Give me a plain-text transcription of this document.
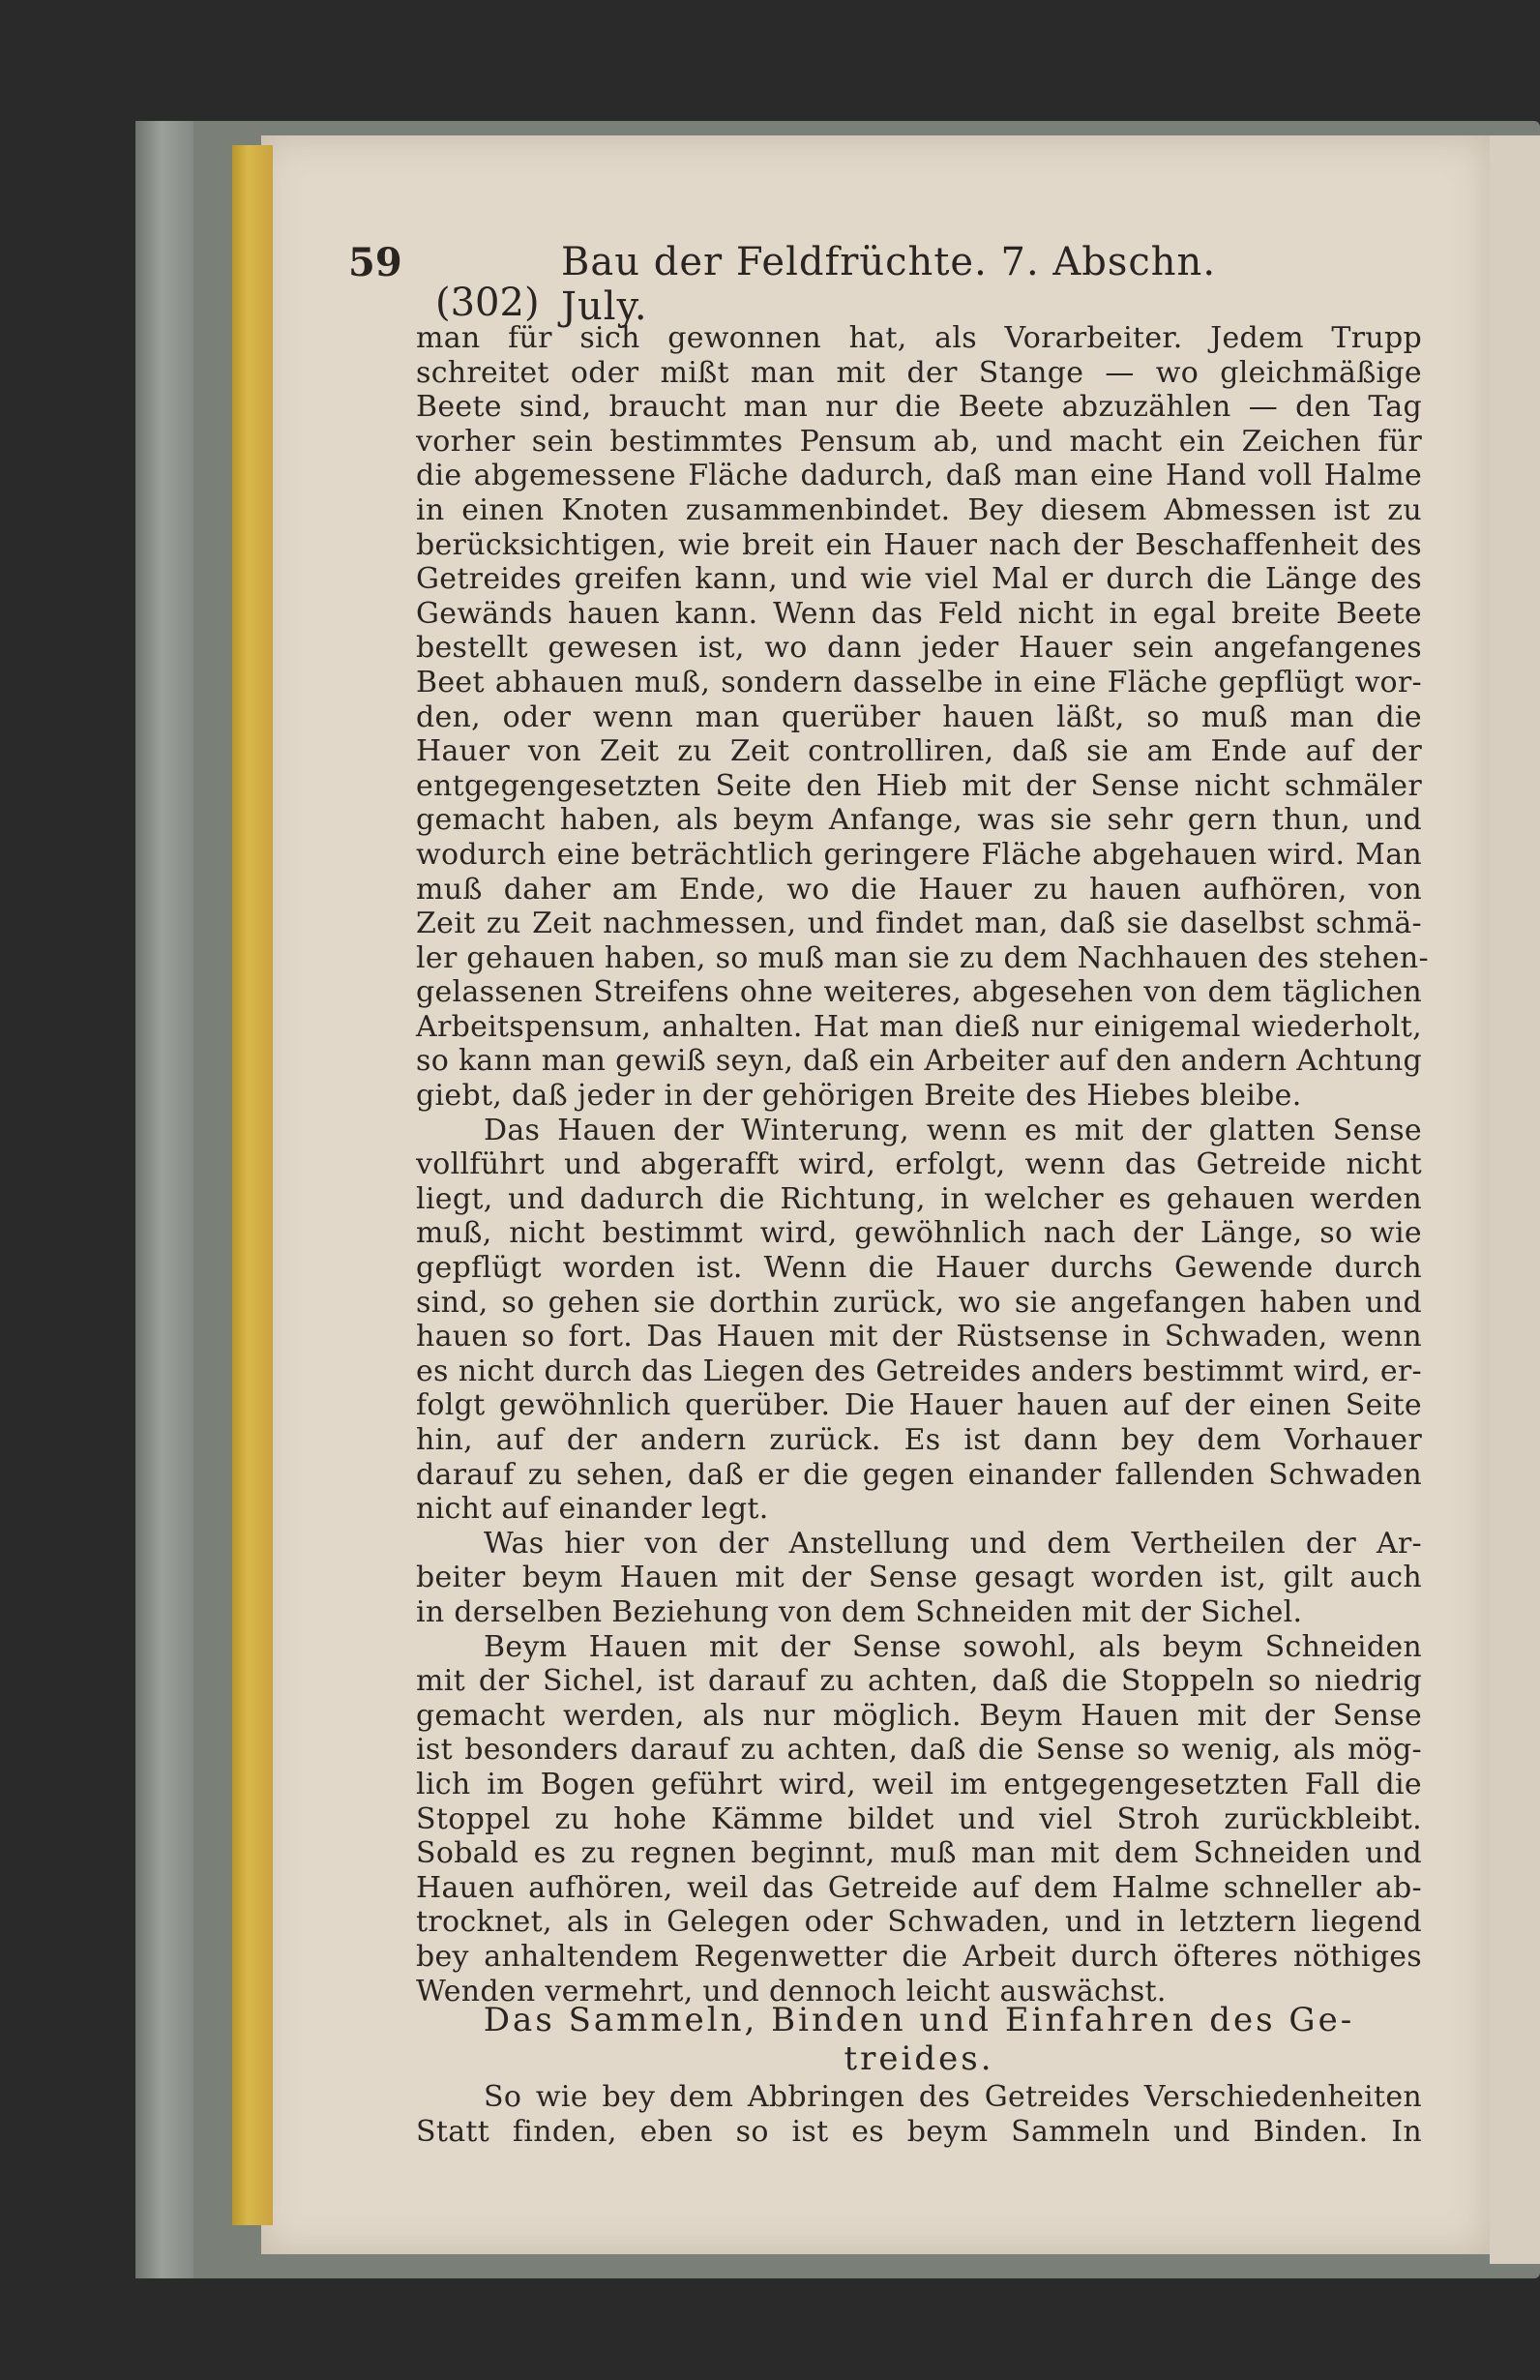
59	Bau der Feldfrüchte. 7. Abschn. July.
(302)
man für sich gewonnen hat, als Vorarbeiter. Jedem Trupp
schreitet oder mißt man mit der Stange — wo gleichmäßige
Beete sind, braucht man nur die Beete abzuzählen — den Tag
vorher sein bestimmtes Pensum ab, und macht ein Zeichen für
die abgemessene Fläche dadurch, daß man eine Hand voll Halme
in einen Knoten zusammenbindet. Bey diesem Abmessen ist zu
berücksichtigen, wie breit ein Hauer nach der Beschaffenheit des
Getreides greifen kann, und wie viel Mal er durch die Länge des
Gewänds hauen kann. Wenn das Feld nicht in egal breite Beete
bestellt gewesen ist, wo dann jeder Hauer sein angefangenes
Beet abhauen muß, sondern dasselbe in eine Fläche gepflügt wor-
den, oder wenn man querüber hauen läßt, so muß man die
Hauer von Zeit zu Zeit controlliren, daß sie am Ende auf der
entgegengesetzten Seite den Hieb mit der Sense nicht schmäler
gemacht haben, als beym Anfange, was sie sehr gern thun, und
wodurch eine beträchtlich geringere Fläche abgehauen wird. Man
muß daher am Ende, wo die Hauer zu hauen aufhören, von
Zeit zu Zeit nachmessen, und findet man, daß sie daselbst schmä-
ler gehauen haben, so muß man sie zu dem Nachhauen des stehen-
gelassenen Streifens ohne weiteres, abgesehen von dem täglichen
Arbeitspensum, anhalten. Hat man dieß nur einigemal wiederholt,
so kann man gewiß seyn, daß ein Arbeiter auf den andern Achtung
giebt, daß jeder in der gehörigen Breite des Hiebes bleibe.
Das Hauen der Winterung, wenn es mit der glatten Sense
vollführt und abgerafft wird, erfolgt, wenn das Getreide nicht
liegt, und dadurch die Richtung, in welcher es gehauen werden
muß, nicht bestimmt wird, gewöhnlich nach der Länge, so wie
gepflügt worden ist. Wenn die Hauer durchs Gewende durch
sind, so gehen sie dorthin zurück, wo sie angefangen haben und
hauen so fort. Das Hauen mit der Rüstsense in Schwaden, wenn
es nicht durch das Liegen des Getreides anders bestimmt wird, er-
folgt gewöhnlich querüber. Die Hauer hauen auf der einen Seite
hin, auf der andern zurück. Es ist dann bey dem Vorhauer
darauf zu sehen, daß er die gegen einander fallenden Schwaden
nicht auf einander legt.
Was hier von der Anstellung und dem Vertheilen der Ar-
beiter beym Hauen mit der Sense gesagt worden ist, gilt auch
in derselben Beziehung von dem Schneiden mit der Sichel.
Beym Hauen mit der Sense sowohl, als beym Schneiden
mit der Sichel, ist darauf zu achten, daß die Stoppeln so niedrig
gemacht werden, als nur möglich. Beym Hauen mit der Sense
ist besonders darauf zu achten, daß die Sense so wenig, als mög-
lich im Bogen geführt wird, weil im entgegengesetzten Fall die
Stoppel zu hohe Kämme bildet und viel Stroh zurückbleibt.
Sobald es zu regnen beginnt, muß man mit dem Schneiden und
Hauen aufhören, weil das Getreide auf dem Halme schneller ab-
trocknet, als in Gelegen oder Schwaden, und in letztern liegend
bey anhaltendem Regenwetter die Arbeit durch öfteres nöthiges
Wenden vermehrt, und dennoch leicht auswächst.
Das Sammeln, Binden und Einfahren des Ge-
treides.
So wie bey dem Abbringen des Getreides Verschiedenheiten
Statt finden, eben so ist es beym Sammeln und Binden. In
